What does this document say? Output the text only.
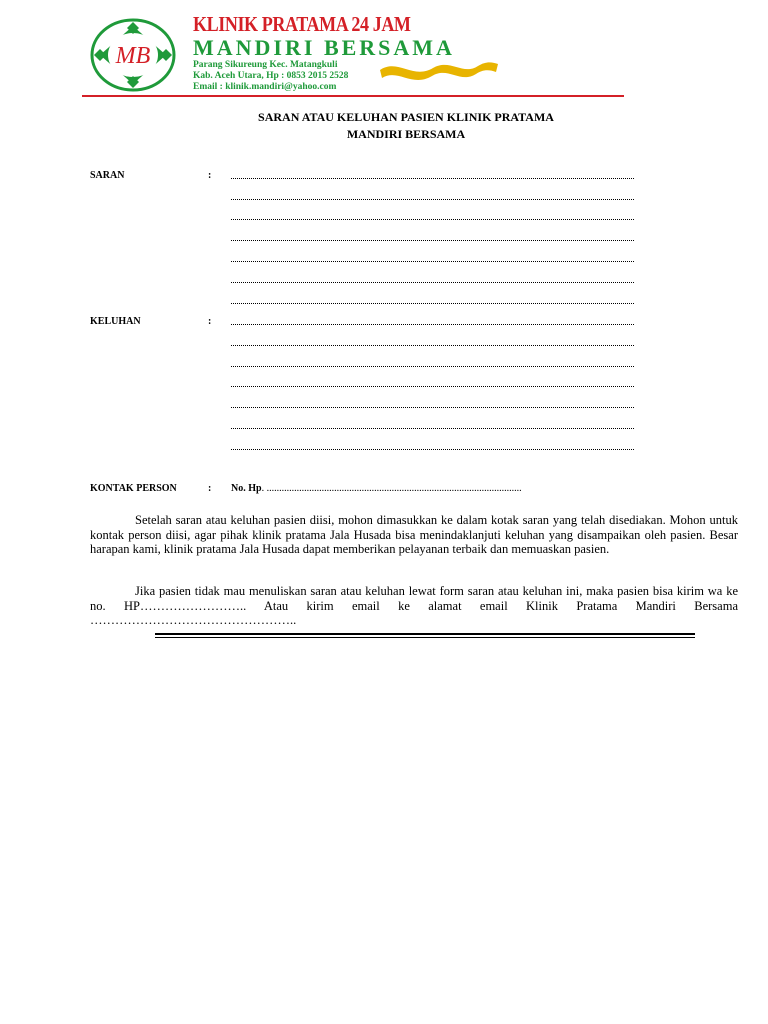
MB
KLINIK PRATAMA 24 JAM
MANDIRI BERSAMA
Parang Sikureung Kec. Matangkuli
Kab. Aceh Utara, Hp : 0853 2015 2528
Email : klinik.mandiri@yahoo.com
SARAN ATAU KELUHAN PASIEN KLINIK PRATAMA
MANDIRI BERSAMA
SARAN	:
KELUHAN	:
KONTAK PERSON	: No. Hp. ......................................................................................................
Setelah saran atau keluhan pasien diisi, mohon dimasukkan ke dalam kotak saran yang telah disediakan. Mohon untuk kontak person diisi, agar pihak klinik pratama Jala Husada bisa menindaklanjuti keluhan yang disampaikan oleh pasien. Besar harapan kami, klinik pratama Jala Husada dapat memberikan pelayanan terbaik dan memuaskan pasien.
Jika pasien tidak mau menuliskan saran atau keluhan lewat form saran atau keluhan ini, maka pasien bisa kirim wa ke no. HP…………………….. Atau kirim email ke alamat email Klinik Pratama Mandiri Bersama …………………………………………..
